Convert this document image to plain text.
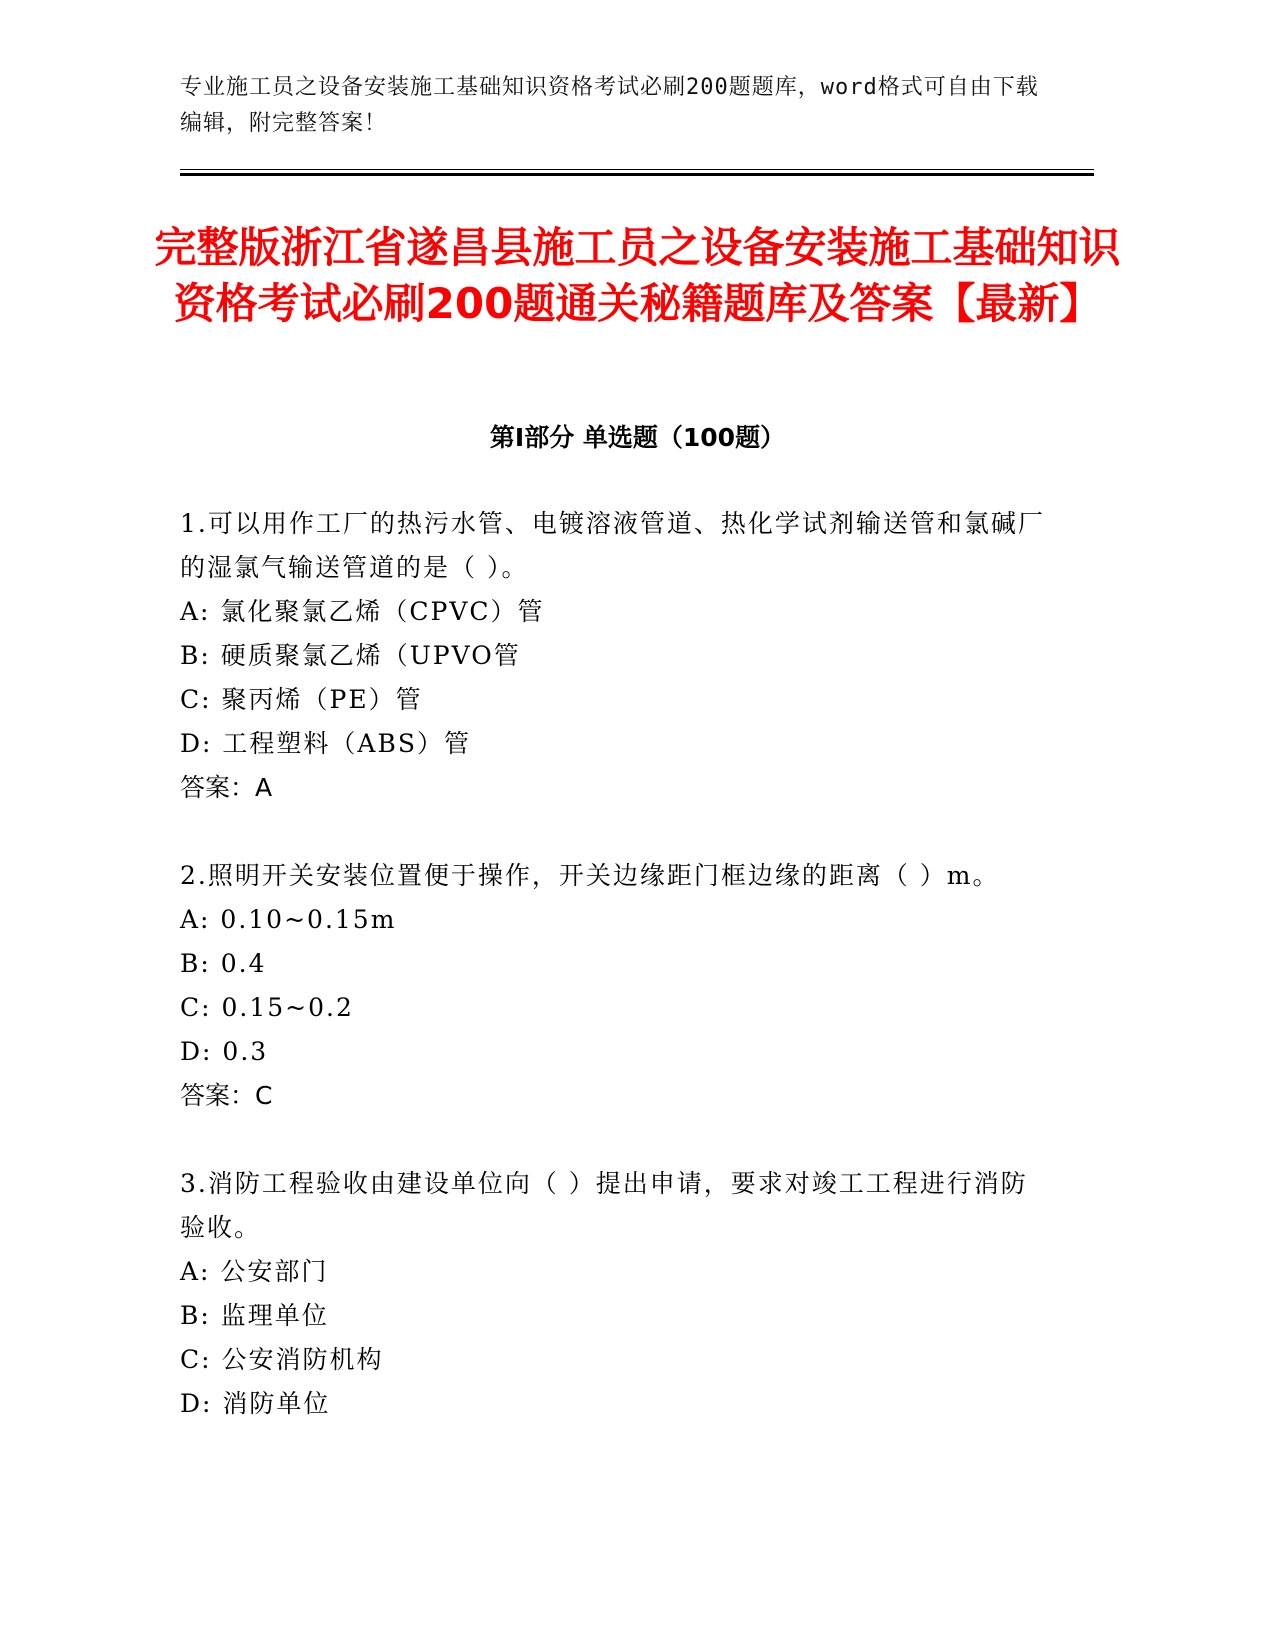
专业施工员之设备安装施工基础知识资格考试必刷200题题库，word格式可自由下载编辑，附完整答案！
完整版浙江省遂昌县施工员之设备安装施工基础知识资格考试必刷200题通关秘籍题库及答案【最新】
第Ⅰ部分 单选题（100题）

1.可以用作工厂的热污水管、电镀溶液管道、热化学试剂输送管和氯碱厂的湿氯气输送管道的是（ ）。

A: 氯化聚氯乙烯（CPVC）管

B: 硬质聚氯乙烯（UPVO管

C: 聚丙烯（PE）管

D: 工程塑料（ABS）管

答案：A

2.照明开关安装位置便于操作，开关边缘距门框边缘的距离（ ）m。

A: 0.10~0.15m

B: 0.4

C: 0.15~0.2

D: 0.3

答案：C

3.消防工程验收由建设单位向（ ）提出申请，要求对竣工工程进行消防验收。

A: 公安部门

B: 监理单位

C: 公安消防机构

D: 消防单位
